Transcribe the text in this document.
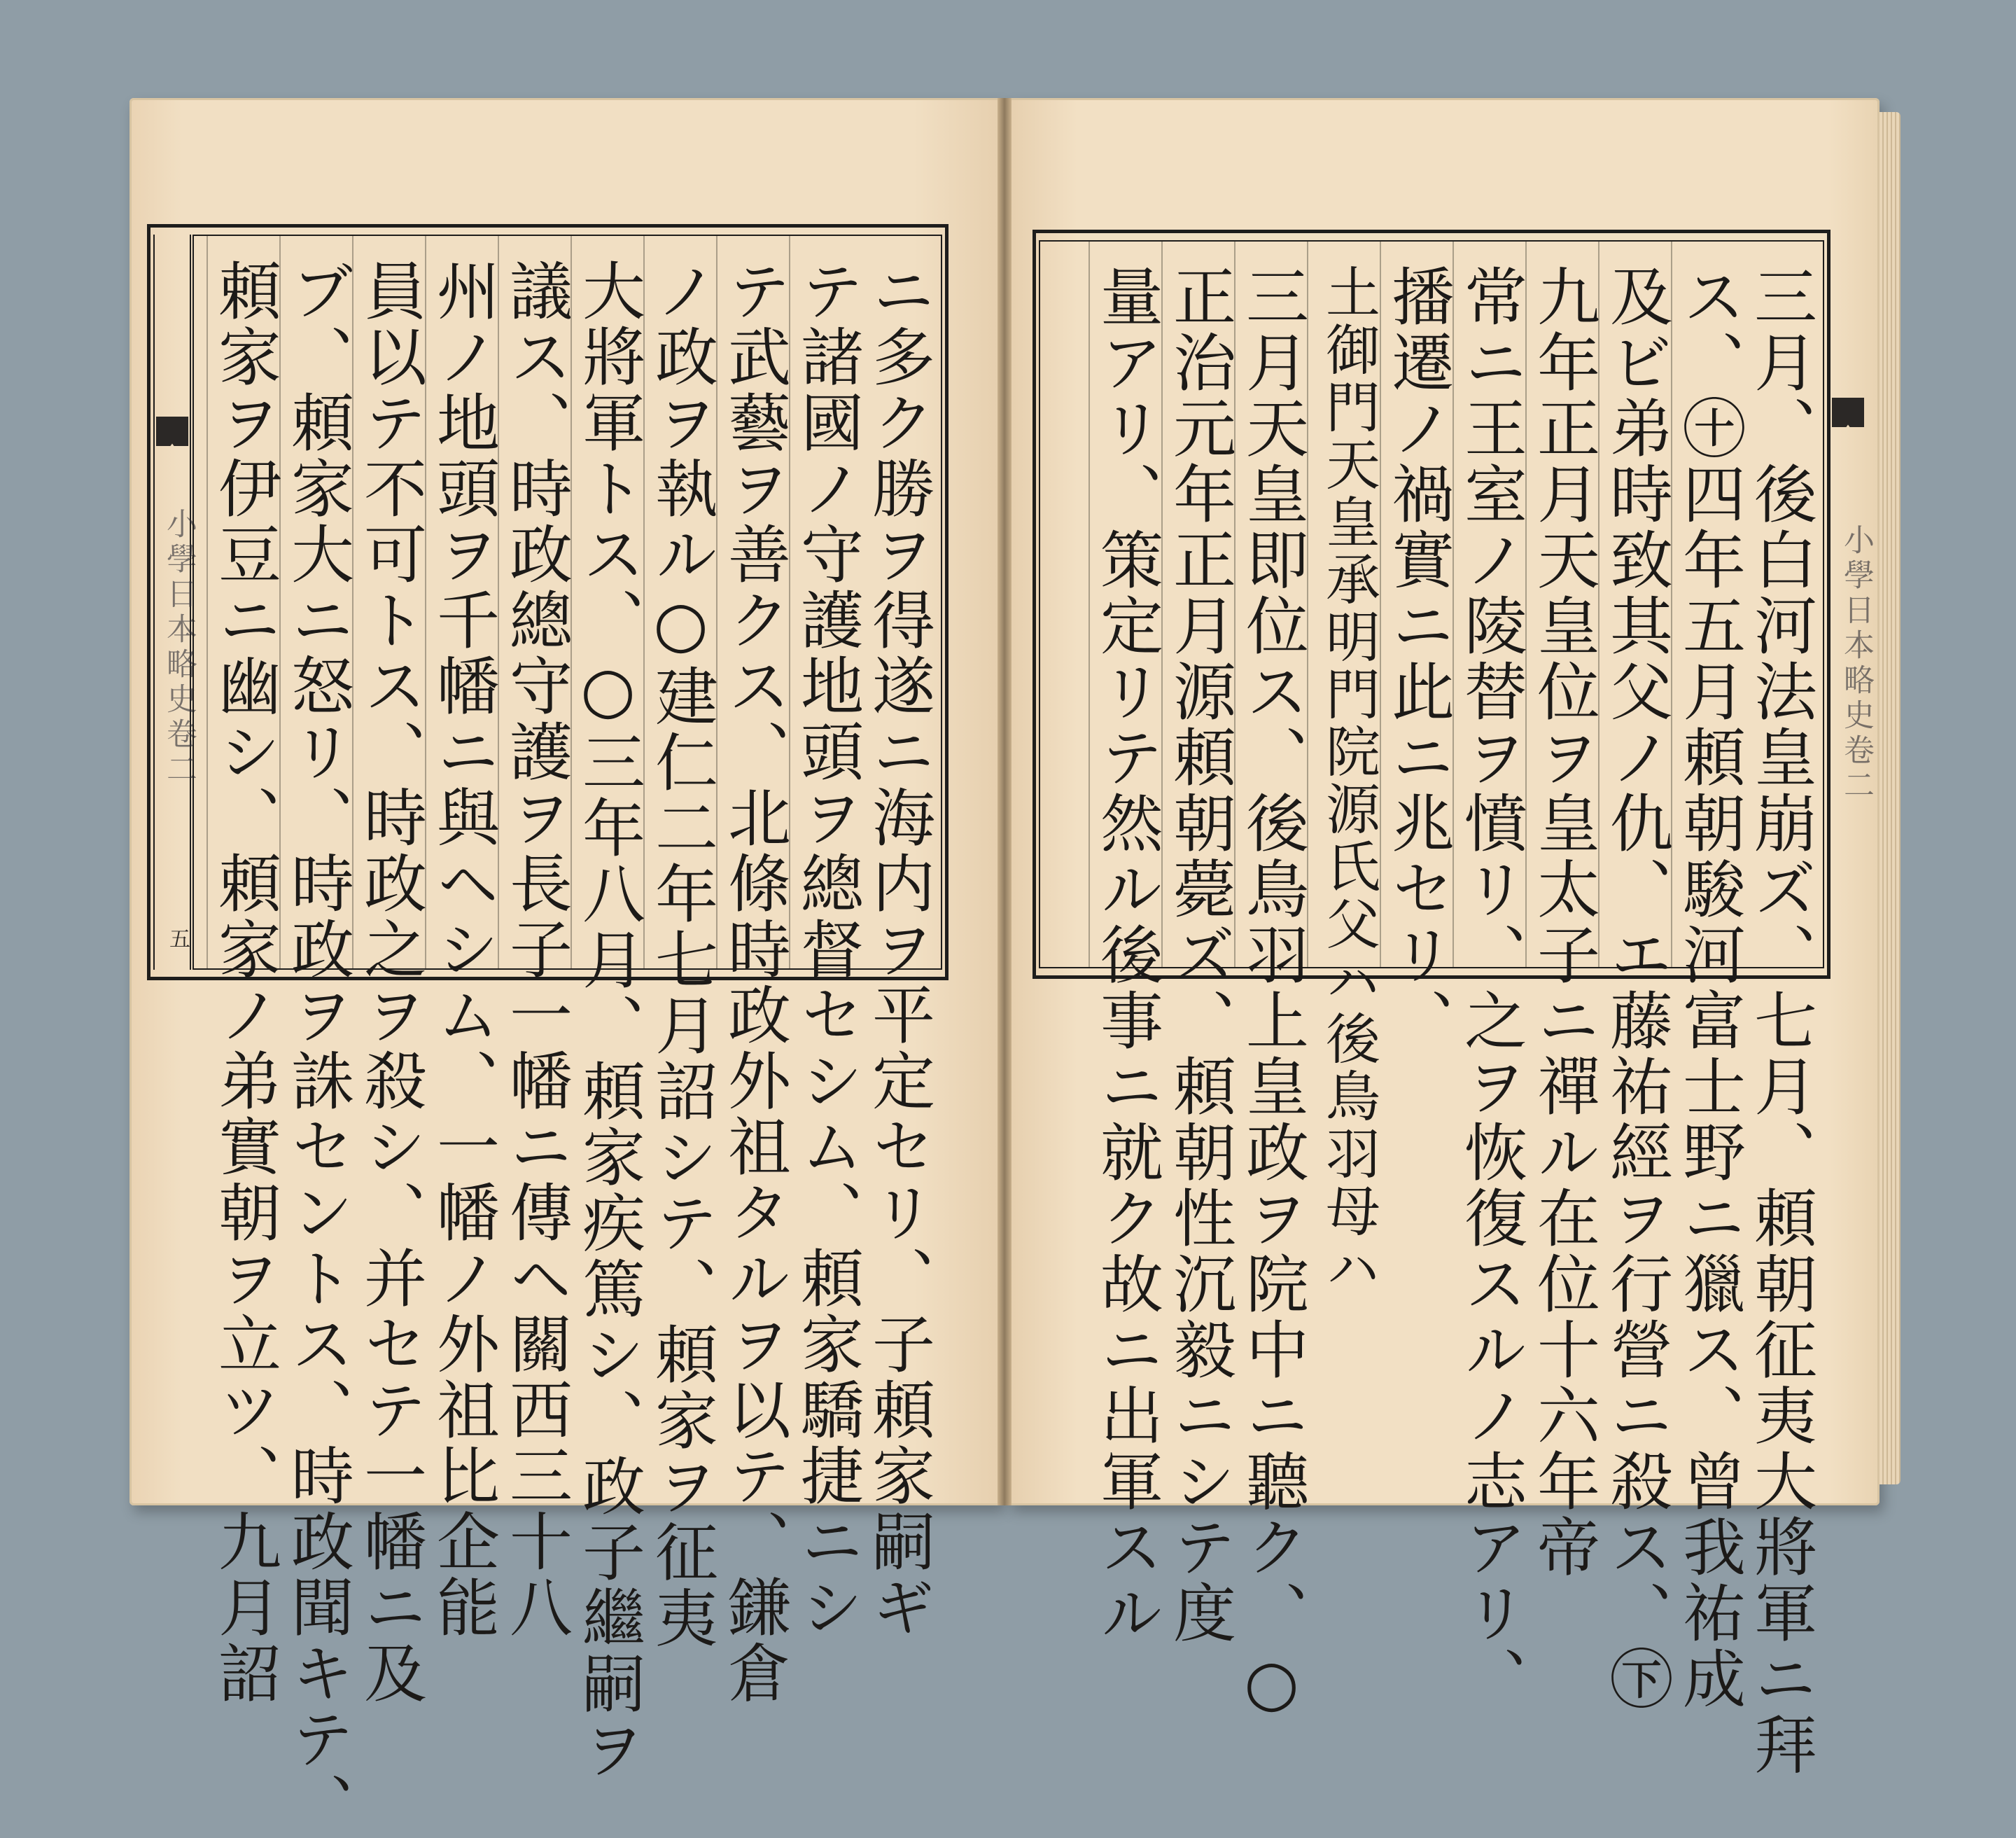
小學日本略史卷二
五	ニ多ク勝ヲ得遂ニ海内ヲ平定セリ、子頼家嗣ギ
テ諸國ノ守護地頭ヲ總督セシム、頼家驕捷ニシ
テ武藝ヲ善クス、北條時政外祖タルヲ以テ、鎌倉
ノ政ヲ執ル○建仁二年七月詔シテ、頼家ヲ征夷
大將軍トス、○三年八月、頼家疾篤シ、政子繼嗣ヲ
議ス、時政總守護ヲ長子一幡ニ傳ヘ關西三十八
州ノ地頭ヲ千幡ニ與ヘシム、一幡ノ外祖比企能
員以テ不可トス、時政之ヲ殺シ、并セテ一幡ニ及
ブ、頼家大ニ怒リ、時政ヲ誅セントス、時政聞キテ、
頼家ヲ伊豆ニ幽シ、頼家ノ弟實朝ヲ立ツ、九月詔	三月、後白河法皇崩ズ、七月、頼朝征夷大將軍ニ拜
ス、㊉四年五月頼朝駿河富士野ニ獵ス、曾我祐成
及ビ弟時致其父ノ仇、エ藤祐經ヲ行營ニ殺ス、㊦
九年正月天皇位ヲ皇太子ニ禪ル在位十六年帝
常ニ王室ノ陵替ヲ憤リ、之ヲ恢復スルノ志アリ、
播遷ノ禍實ニ此ニ兆セリ、
土御門天皇承明門院源氏父ハ後鳥羽母ハ
三月天皇即位ス、後鳥羽上皇政ヲ院中ニ聽ク、○
正治元年正月源頼朝薨ズ、頼朝性沉毅ニシテ度
量アリ、策定リテ然ル後事ニ就ク故ニ出軍スル	小學日本略史卷二
